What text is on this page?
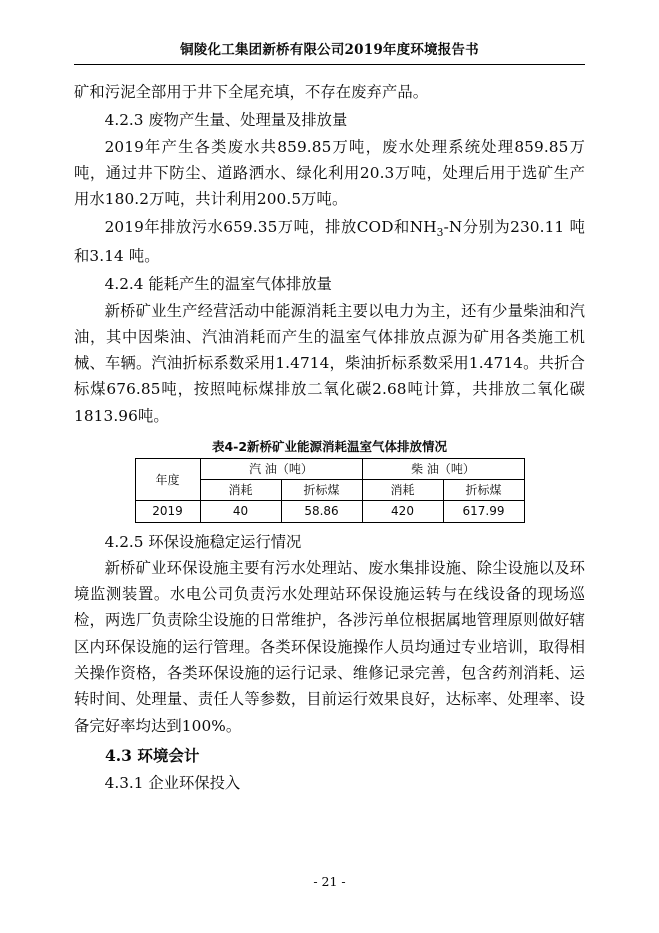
铜陵化工集团新桥有限公司2019年度环境报告书

矿和污泥全部用于井下全尾充填，不存在废弃产品。

4.2.3 废物产生量、处理量及排放量

2019年产生各类废水共859.85万吨，废水处理系统处理859.85万吨，通过井下防尘、道路洒水、绿化利用20.3万吨，处理后用于选矿生产用水180.2万吨，共计利用200.5万吨。

2019年排放污水659.35万吨，排放COD和$NH_3-N$分别为230.11 吨和3.14 吨。

4.2.4 能耗产生的温室气体排放量

新桥矿业生产经营活动中能源消耗主要以电力为主，还有少量柴油和汽油，其中因柴油、汽油消耗而产生的温室气体排放点源为矿用各类施工机械、车辆。汽油折标系数采用1.4714，柴油折标系数采用1.4714。共折合标煤676.85吨，按照吨标煤排放二氧化碳2.68吨计算，共排放二氧化碳1813.96吨。

表4-2新桥矿业能源消耗温室气体排放情况
年度	汽 油（吨）		柴 油（吨）	
	消耗	折标煤	消耗	折标煤
2019	40	58.86	420	617.99

4.2.5 环保设施稳定运行情况

新桥矿业环保设施主要有污水处理站、废水集排设施、除尘设施以及环境监测装置。水电公司负责污水处理站环保设施运转与在线设备的现场巡检，两选厂负责除尘设施的日常维护，各涉污单位根据属地管理原则做好辖区内环保设施的运行管理。各类环保设施操作人员均通过专业培训，取得相关操作资格，各类环保设施的运行记录、维修记录完善，包含药剂消耗、运转时间、处理量、责任人等参数，目前运行效果良好，达标率、处理率、设备完好率均达到100%。

4.3 环境会计

4.3.1 企业环保投入

- 21 -
